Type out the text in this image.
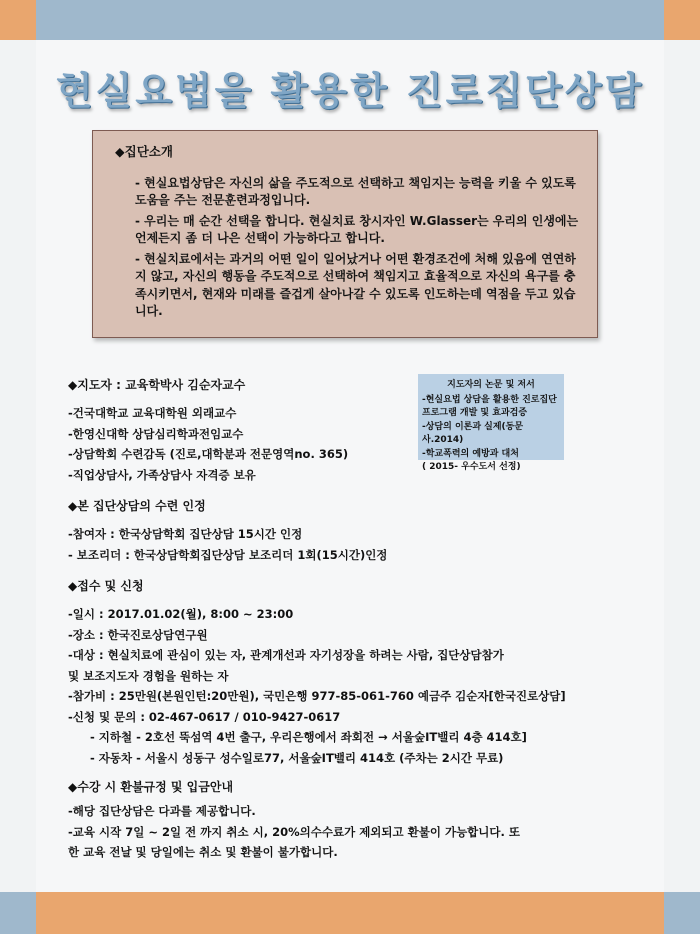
현실요법을 활용한 진로집단상담
◆집단소개
- 현실요법상담은 자신의 삶을 주도적으로 선택하고 책임지는 능력을 키울 수 있도록 도움을 주는 전문훈련과정입니다.
- 우리는 매 순간 선택을 합니다. 현실치료 창시자인 W.Glasser는 우리의 인생에는 언제든지 좀 더 나은 선택이 가능하다고 합니다.
- 현실치료에서는 과거의 어떤 일이 일어났거나 어떤 환경조건에 처해 있음에 연연하지 않고, 자신의 행동을 주도적으로 선택하여 책임지고 효율적으로 자신의 욕구를 충족시키면서, 현재와 미래를 즐겁게 살아나갈 수 있도록 인도하는데 역점을 두고 있습니다.
◆지도자 : 교육학박사 김순자교수
-건국대학교 교육대학원 외래교수
-한영신대학 상담심리학과전임교수
-상담학회 수련감독 (진로,대학분과 전문영역no. 365)
-직업상담사, 가족상담사 자격증 보유
지도자의 논문 및 저서
-현실요법 상담을 활용한 진로집단
프로그램 개발 및 효과검증
-상담의 이론과 실제(동문사.2014)
-학교폭력의 예방과 대처
( 2015- 우수도서 선정)
◆본 집단상담의 수련 인정
-참여자 : 한국상담학회 집단상담 15시간 인정
- 보조리더 : 한국상담학회집단상담 보조리더 1회(15시간)인정
◆접수 및 신청
-일시 : 2017.01.02(월), 8:00 ~ 23:00
-장소 : 한국진로상담연구원
-대상 : 현실치료에 관심이 있는 자, 관계개선과 자기성장을 하려는 사람, 집단상담참가
및 보조지도자 경험을 원하는 자
-참가비 : 25만원(본원인턴:20만원), 국민은행 977-85-061-760 예금주 김순자[한국진로상담]
-신청 및 문의 : 02-467-0617 / 010-9427-0617
- 지하철 - 2호선 뚝섬역 4번 출구, 우리은행에서 좌회전 → 서울숲IT밸리 4층 414호]
- 자동차 - 서울시 성동구 성수일로77, 서울숲IT밸리 414호 (주차는 2시간 무료)
◆수강 시 환불규정 및 입금안내
-해당 집단상담은 다과를 제공합니다.
-교육 시작 7일 ~ 2일 전 까지 취소 시, 20%의수수료가 제외되고 환불이 가능합니다. 또
한 교육 전날 및 당일에는 취소 및 환불이 불가합니다.
